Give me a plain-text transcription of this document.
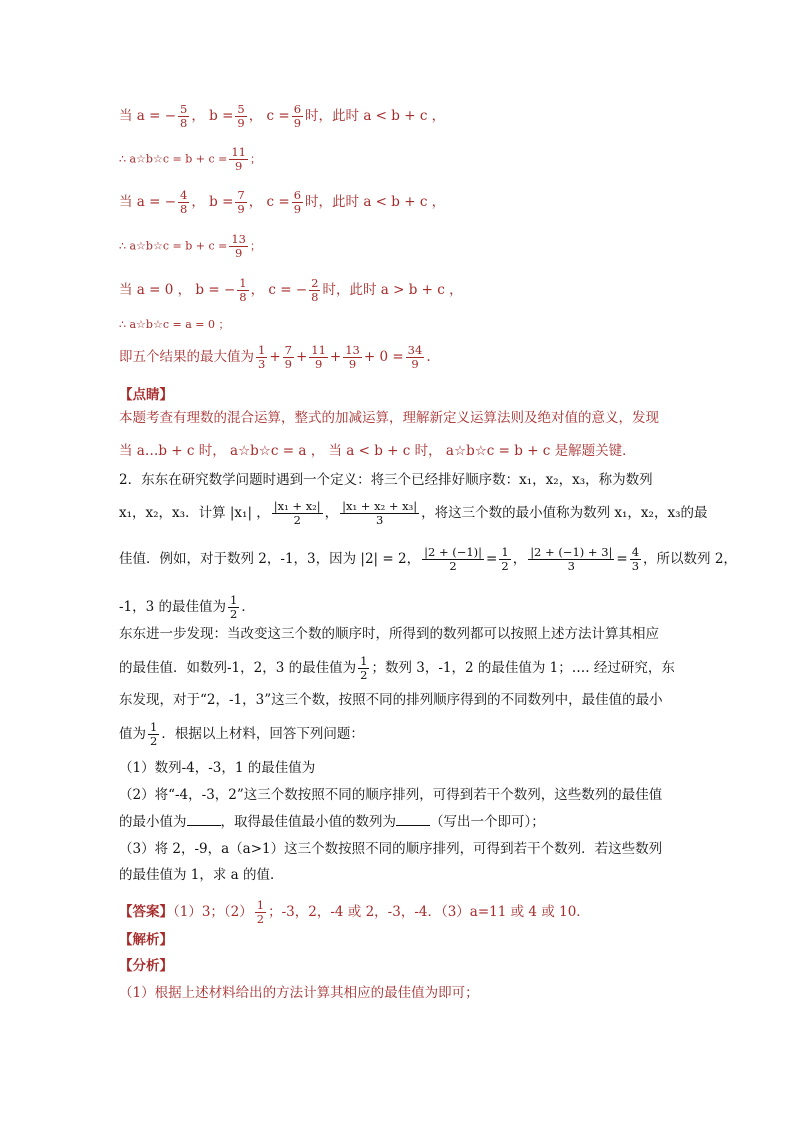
当 a = − $\frac{5}{8}$ ， $b = \frac{5}{9}$ ， $c = \frac{6}{9}$ 时，此时 a < b + c ，
∴ a☆b☆c = $b + c = \frac{11}{9}$ ；
当 a = − $\frac{4}{8}$ ， $b = \frac{7}{9}$ ， $c = \frac{6}{9}$ 时，此时 a < b + c ，
∴ a☆b☆c = $b + c = \frac{13}{9}$ ；
当 a = 0 ， b = − $\frac{1}{8}$ ， c = − $\frac{2}{8}$ 时，此时 a > b + c ，
∴ a☆b☆c = a = 0 ；
即五个结果的最大值为 $\frac{1}{3} + \frac{7}{9} + \frac{11}{9} + \frac{13}{9} + 0 = \frac{34}{9}$ .
【点睛】
本题考查有理数的混合运算，整式的加减运算，理解新定义运算法则及绝对值的意义，发现
当 a…b + c 时， a☆b☆c = a ， 当 a < b + c 时， a☆b☆c = b + c 是解题关键．
2．东东在研究数学问题时遇到一个定义：将三个已经排好顺序数：x₁，x₂，x₃，称为数列
x₁，x₂，x₃．计算 |x₁| ， $\frac{\text{|x₁ + x₂|}}{2}$ ， $\frac{\text{|x₁ + x₂ + x₃|}}{3}$ ，将这三个数的最小值称为数列 x₁，x₂，x₃的最
佳值．例如，对于数列 2，-1，3，因为 |2| = 2， $\frac{|2 + (-1)|}{2} = \frac{1}{2}$ ， $\frac{|2 + (-1) + 3|}{3} = \frac{4}{3}$ ，所以数列 2，
-1，3 的最佳值为 $\frac{1}{2}$ ．
东东进一步发现：当改变这三个数的顺序时，所得到的数列都可以按照上述方法计算其相应
的最佳值．如数列-1，2，3 的最佳值为 $\frac{1}{2}$ ；数列 3，-1，2 的最佳值为 1；…. 经过研究，东
东发现，对于“2，-1，3”这三个数，按照不同的排列顺序得到的不同数列中，最佳值的最小
值为 $\frac{1}{2}$ ．根据以上材料，回答下列问题：
（1）数列-4，-3，1 的最佳值为
（2）将“-4，-3，2”这三个数按照不同的顺序排列，可得到若干个数列，这些数列的最佳值
的最小值为	，取得最佳值最小值的数列为	（写出一个即可）；
（3）将 2，-9，a（a>1）这三个数按照不同的顺序排列，可得到若干个数列．若这些数列
的最佳值为 1，求 a 的值．
【答案】（1）3；$(2) \frac{1}{2}$ ；-3，2，-4 或 2，-3，-4．（3）a=11 或 4 或 10．
【解析】
【分析】
（1）根据上述材料给出的方法计算其相应的最佳值为即可；
